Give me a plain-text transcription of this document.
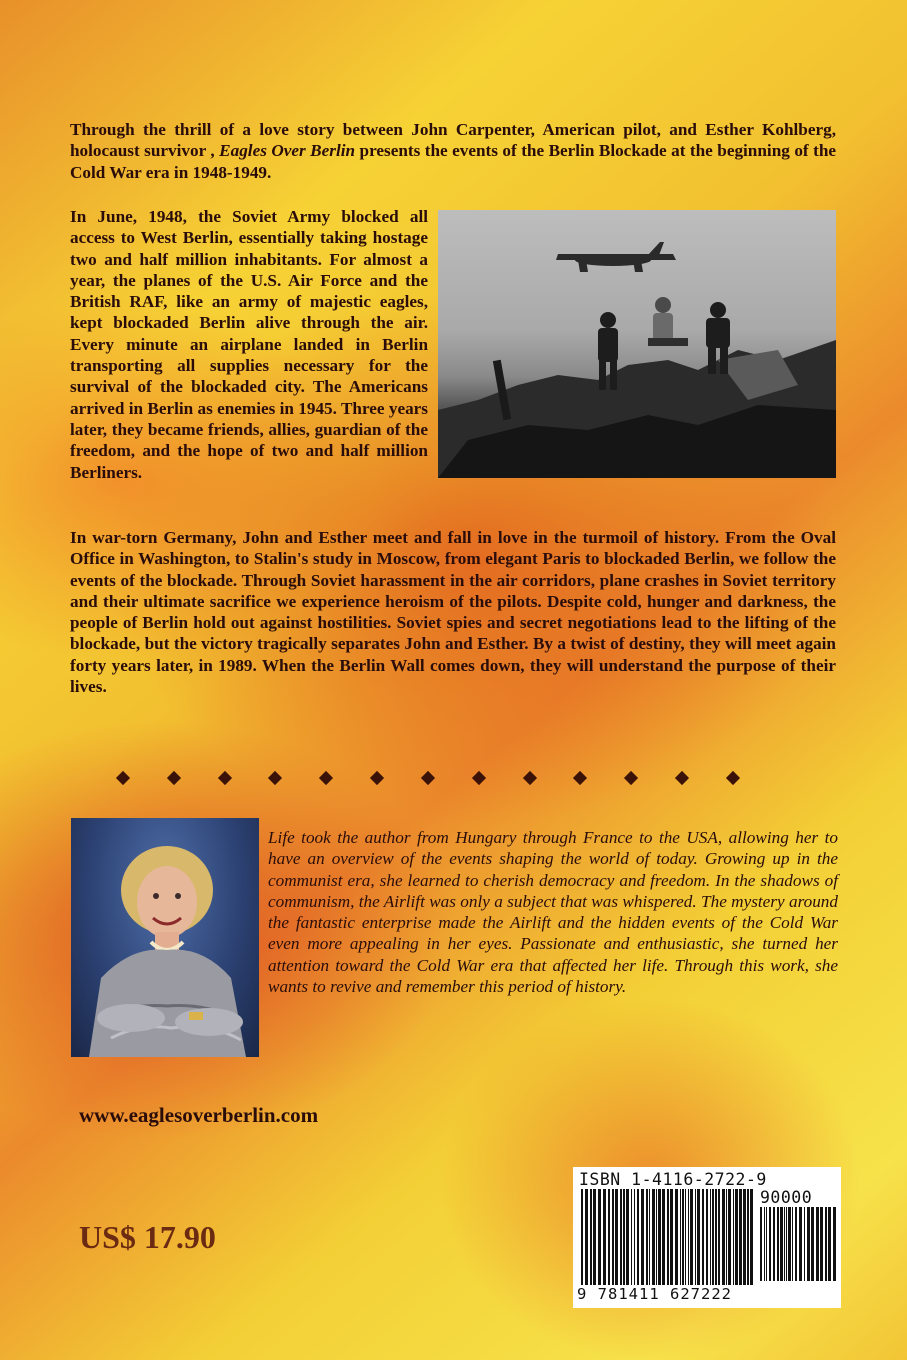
Through the thrill of a love story between John Carpenter, American pilot, and Esther Kohlberg, holocaust survivor , Eagles Over Berlin presents the events of the Berlin Blockade at the beginning of the Cold War era in 1948-1949.

In June, 1948, the Soviet Army blocked all access to West Berlin, essentially taking hostage two and half million inhabitants. For almost a year, the planes of the U.S. Air Force and the British RAF, like an army of majestic eagles, kept blockaded Berlin alive through the air. Every minute an airplane landed in Berlin transporting all supplies necessary for the survival of the blockaded city. The Americans arrived in Berlin as enemies in 1945. Three years later, they became friends, allies, guardian of the freedom, and the hope of two and half million Berliners.

In war-torn Germany, John and Esther meet and fall in love in the turmoil of history. From the Oval Office in Washington, to Stalin's study in Moscow, from elegant Paris to blockaded Berlin, we follow the events of the blockade. Through Soviet harassment in the air corridors, plane crashes in Soviet territory and their ultimate sacrifice we experience heroism of the pilots. Despite cold, hunger and darkness, the people of Berlin hold out against hostilities. Soviet spies and secret negotiations lead to the lifting of the blockade, but the victory tragically separates John and Esther. By a twist of destiny, they will meet again forty years later, in 1989. When the Berlin Wall comes down, they will understand the purpose of their lives.

Life took the author from Hungary through France to the USA, allowing her to have an overview of the events shaping the world of today. Growing up in the communist era, she learned to cherish democracy and freedom. In the shadows of communism, the Airlift was only a subject that was whispered. The mystery around the fantastic enterprise made the Airlift and the hidden events of the Cold War even more appealing in her eyes. Passionate and enthusiastic, she turned her attention toward the Cold War era that affected her life. Through this work, she wants to revive and remember this period of history.

www.eaglesoverberlin.com

US$ 17.90

ISBN 1-4116-2722-9

90000

9 781411 627222
